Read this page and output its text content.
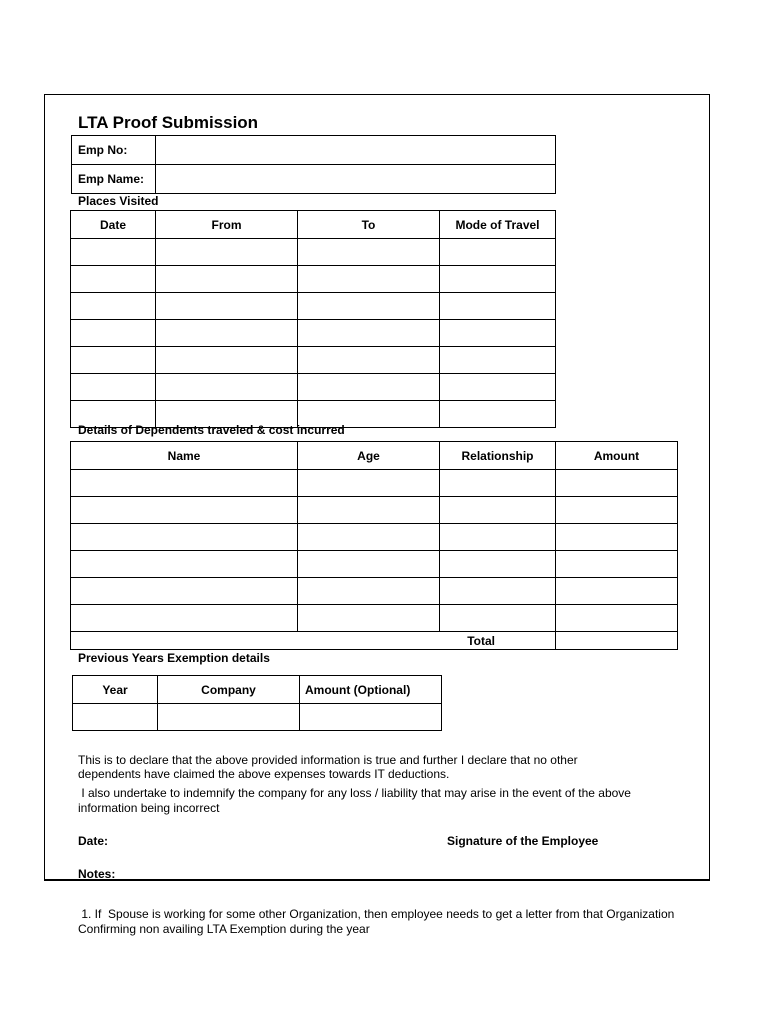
LTA Proof Submission
Emp No:	
Emp Name:	
Places Visited
Date	From	To	Mode of Travel

Details of Dependents traveled & cost incurred
Name	Age	Relationship	Amount

Total			
Previous Years Exemption details
Year	Company	Amount (Optional)

This is to declare that the above provided information is true and further I declare that no other
dependents have claimed the above expenses towards IT deductions.
I also undertake to indemnify the company for any loss / liability that may arise in the event of the above
information being incorrect
Date:	Signature of the Employee
Notes:
1. If  Spouse is working for some other Organization, then employee needs to get a letter from that Organization
Confirming non availing LTA Exemption during the year
